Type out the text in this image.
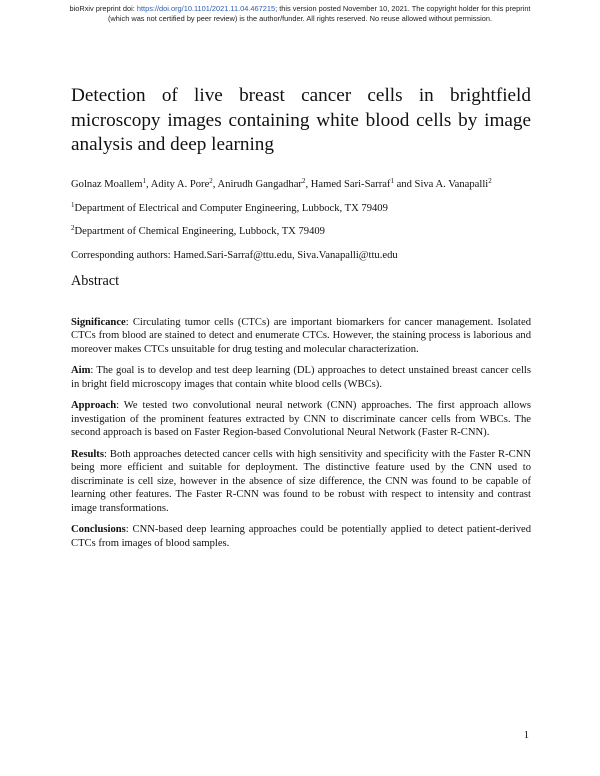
bioRxiv preprint doi: https://doi.org/10.1101/2021.11.04.467215; this version posted November 10, 2021. The copyright holder for this preprint
(which was not certified by peer review) is the author/funder. All rights reserved. No reuse allowed without permission.
Detection of live breast cancer cells in brightfield microscopy images containing white blood cells by image analysis and deep learning

Golnaz Moallem$^1$, Adity A. Pore$^2$, Anirudh Gangadhar$^2$, Hamed Sari-Sarraf$^1$ and Siva A. Vanapalli$^2$

$^1$Department of Electrical and Computer Engineering, Lubbock, TX 79409

$^2$Department of Chemical Engineering, Lubbock, TX 79409

Corresponding authors: Hamed.Sari-Sarraf@ttu.edu, Siva.Vanapalli@ttu.edu

Abstract

Significance: Circulating tumor cells (CTCs) are important biomarkers for cancer management. Isolated CTCs from blood are stained to detect and enumerate CTCs. However, the staining process is laborious and moreover makes CTCs unsuitable for drug testing and molecular characterization.

Aim: The goal is to develop and test deep learning (DL) approaches to detect unstained breast cancer cells in bright field microscopy images that contain white blood cells (WBCs).

Approach: We tested two convolutional neural network (CNN) approaches. The first approach allows investigation of the prominent features extracted by CNN to discriminate cancer cells from WBCs. The second approach is based on Faster Region-based Convolutional Neural Network (Faster R-CNN).

Results: Both approaches detected cancer cells with high sensitivity and specificity with the Faster R-CNN being more efficient and suitable for deployment. The distinctive feature used by the CNN used to discriminate is cell size, however in the absence of size difference, the CNN was found to be capable of learning other features. The Faster R-CNN was found to be robust with respect to intensity and contrast image transformations.

Conclusions: CNN-based deep learning approaches could be potentially applied to detect patient-derived CTCs from images of blood samples.

1
